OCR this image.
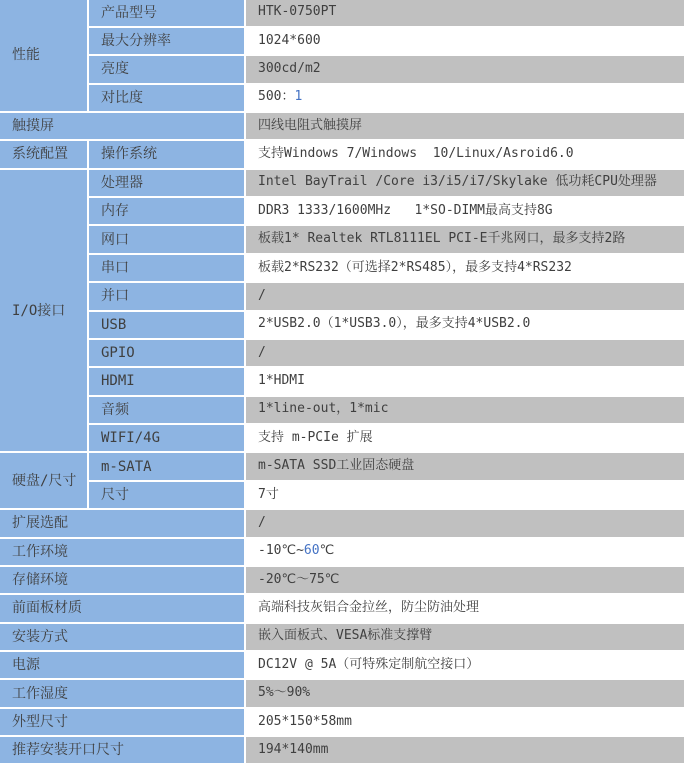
性能	产品型号	HTK-0750PT
	最大分辨率	1024*600
	亮度	300cd/m2
	对比度	500：1
触摸屏		四线电阻式触摸屏
系统配置	操作系统	支持Windows 7/Windows  10/Linux/Asroid6.0
I/O接口	处理器	Intel BayTrail /Core i3/i5/i7/Skylake 低功耗CPU处理器
	内存	DDR3 1333/1600MHz   1*SO-DIMM最高支持8G
	网口	板载1* Realtek RTL8111EL PCI-E千兆网口，最多支持2路
	串口	板载2*RS232（可选择2*RS485），最多支持4*RS232
	并口	/
	USB	2*USB2.0（1*USB3.0），最多支持4*USB2.0
	GPIO	/
	HDMI	1*HDMI
	音频	1*line-out，1*mic
	WIFI/4G	支持 m-PCIe 扩展
硬盘/尺寸	m-SATA	m-SATA SSD工业固态硬盘
	尺寸	7寸
扩展选配		/
工作环境		-10℃~60℃
存储环境		-20℃～75℃
前面板材质		高端科技灰铝合金拉丝，防尘防油处理
安装方式		嵌入面板式、VESA标准支撑臂
电源		DC12V @ 5A（可特殊定制航空接口）
工作湿度		5%～90%
外型尺寸		205*150*58mm
推荐安装开口尺寸		194*140mm
